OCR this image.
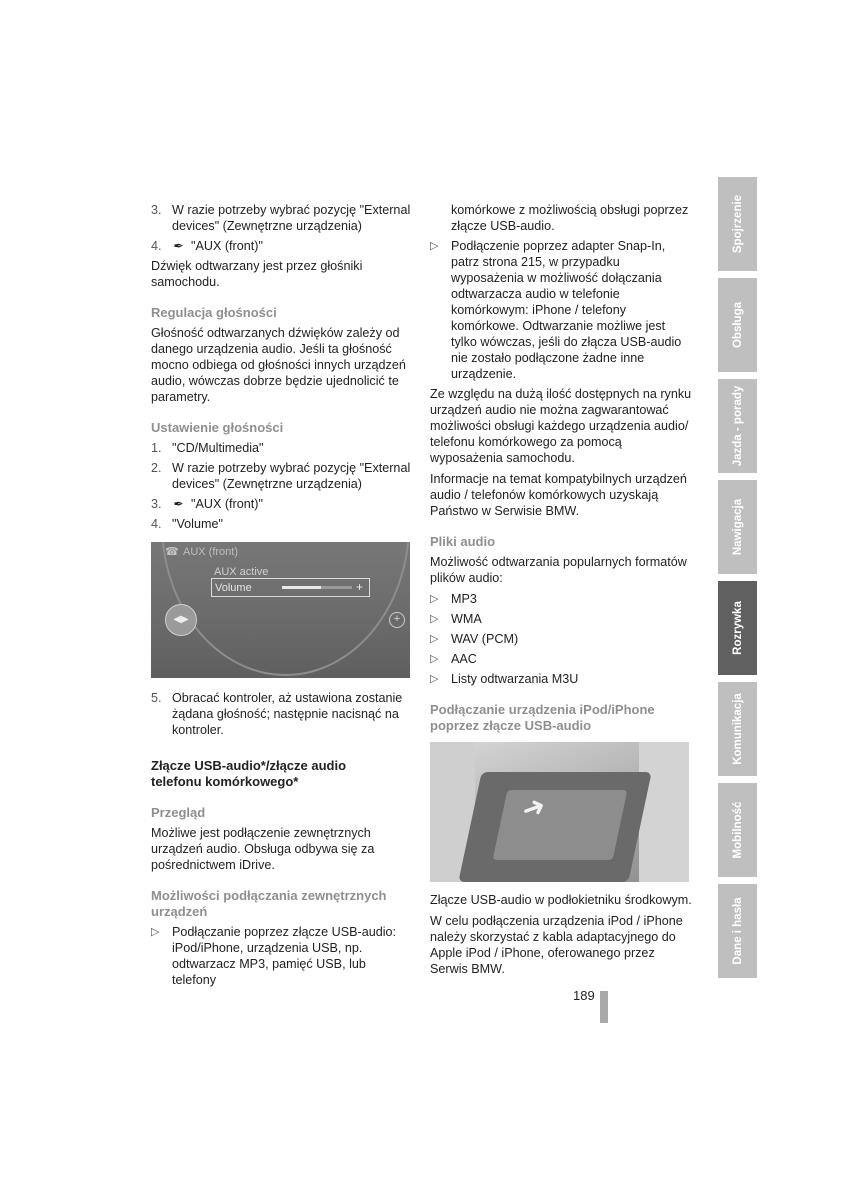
3. W razie potrzeby wybrać pozycję "External devices" (Zewnętrzne urządzenia)
4. ✒ "AUX (front)"

Dźwięk odtwarzany jest przez głośniki samochodu.

Regulacja głośności

Głośność odtwarzanych dźwięków zależy od danego urządzenia audio. Jeśli ta głośność mocno odbiega od głośności innych urządzeń audio, wówczas dobrze będzie ujednolicić te parametry.

Ustawienie głośności
1. "CD/Multimedia"
2. W razie potrzeby wybrać pozycję "External devices" (Zewnętrzne urządzenia)
3. ✒ "AUX (front)"
4. "Volume"
☎ AUX (front)
AUX active
Volume	+
◀▶	+
5. Obracać kontroler, aż ustawiona zostanie żądana głośność; następnie nacisnąć na kontroler.
Złącze USB-audio*/złącze audio
telefonu komórkowego*
Przegląd

Możliwe jest podłączenie zewnętrznych urządzeń audio. Obsługa odbywa się za pośrednictwem iDrive.

Możliwości podłączania zewnętrznych urządzeń
▷ Podłączanie poprzez złącze USB-audio: iPod/iPhone, urządzenia USB, np. odtwarzacz MP3, pamięć USB, lub telefony

komórkowe z możliwością obsługi poprzez złącze USB-audio.

▷ Podłączenie poprzez adapter Snap-In, patrz strona 215, w przypadku wyposażenia w możliwość dołączania odtwarzacza audio w telefonie komórkowym: iPhone / telefony komórkowe. Odtwarzanie możliwe jest tylko wówczas, jeśli do złącza USB-audio nie zostało podłączone żadne inne urządzenie.

Ze względu na dużą ilość dostępnych na rynku urządzeń audio nie można zagwarantować możliwości obsługi każdego urządzenia audio/ telefonu komórkowego za pomocą wyposażenia samochodu.

Informacje na temat kompatybilnych urządzeń audio / telefonów komórkowych uzyskają Państwo w Serwisie BMW.

Pliki audio

Możliwość odtwarzania popularnych formatów plików audio:

▷ MP3
▷ WMA
▷ WAV (PCM)
▷ AAC
▷ Listy odtwarzania M3U
Podłączanie urządzenia iPod/iPhone poprzez złącze USB-audio
➜

Złącze USB-audio w podłokietniku środkowym.

W celu podłączenia urządzenia iPod / iPhone należy skorzystać z kabla adaptacyjnego do Apple iPod / iPhone, oferowanego przez Serwis BMW.

189
Spojrzenie
Obsługa
Jazda - porady
Nawigacja
Rozrywka
Komunikacja
Mobilność
Dane i hasła
